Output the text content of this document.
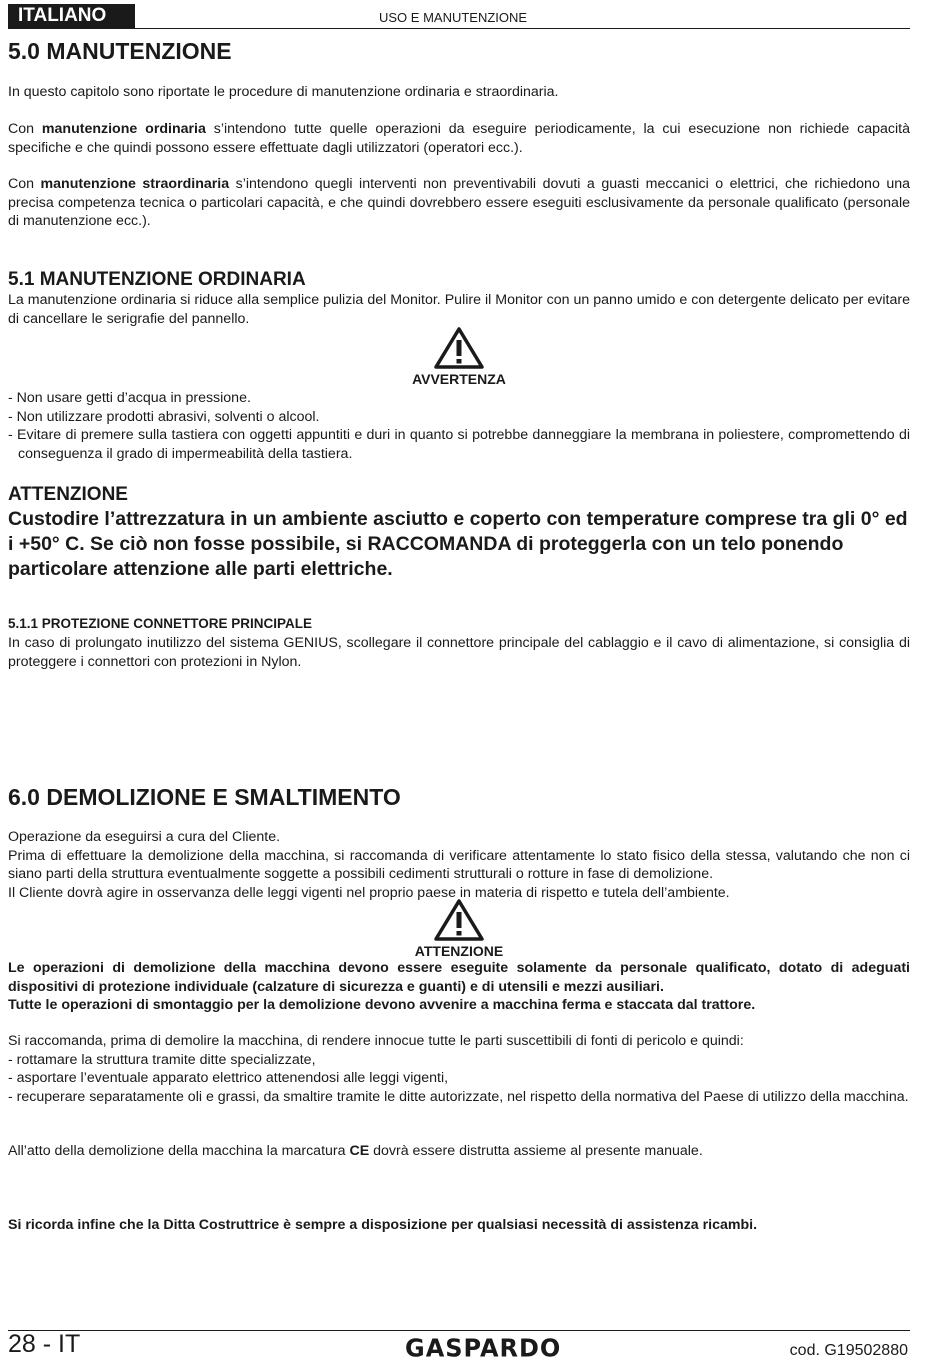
ITALIANO	USO E MANUTENZIONE
5.0 MANUTENZIONE

In questo capitolo sono riportate le procedure di manutenzione ordinaria e straordinaria.

Con manutenzione ordinaria s’intendono tutte quelle operazioni da eseguire periodicamente, la cui esecuzione non richiede capacità specifiche e che quindi possono essere effettuate dagli utilizzatori (operatori ecc.).

Con manutenzione straordinaria s’intendono quegli interventi non preventivabili dovuti a guasti meccanici o elettrici, che richiedono una precisa competenza tecnica o particolari capacità, e che quindi dovrebbero essere eseguiti esclusivamente da personale qualificato (personale di manutenzione ecc.).

5.1 MANUTENZIONE ORDINARIA

La manutenzione ordinaria si riduce alla semplice pulizia del Monitor. Pulire il Monitor con un panno umido e con detergente delicato per evitare di cancellare le serigrafie del pannello.

AVVERTENZA
- Non usare getti d’acqua in pressione.
- Non utilizzare prodotti abrasivi, solventi o alcool.
- Evitare di premere sulla tastiera con oggetti appuntiti e duri in quanto si potrebbe danneggiare la membrana in poliestere, compromettendo di conseguenza il grado di impermeabilità della tastiera.
ATTENZIONE
Custodire l’attrezzatura in un ambiente asciutto e coperto con temperature comprese tra gli 0° ed i +50° C. Se ciò non fosse possibile, si RACCOMANDA di proteggerla con un telo ponendo particolare attenzione alle parti elettriche.
5.1.1 PROTEZIONE CONNETTORE PRINCIPALE

In caso di prolungato inutilizzo del sistema GENIUS, scollegare il connettore principale del cablaggio e il cavo di alimentazione, si consiglia di proteggere i connettori con protezioni in Nylon.

6.0 DEMOLIZIONE E SMALTIMENTO

Operazione da eseguirsi a cura del Cliente.

Prima di effettuare la demolizione della macchina, si raccomanda di verificare attentamente lo stato fisico della stessa, valutando che non ci siano parti della struttura eventualmente soggette a possibili cedimenti strutturali o rotture in fase di demolizione.

Il Cliente dovrà agire in osservanza delle leggi vigenti nel proprio paese in materia di rispetto e tutela dell’ambiente.

ATTENZIONE

Le operazioni di demolizione della macchina devono essere eseguite solamente da personale qualificato, dotato di adeguati dispositivi di protezione individuale (calzature di sicurezza e guanti) e di utensili e mezzi ausiliari.

Tutte le operazioni di smontaggio per la demolizione devono avvenire a macchina ferma e staccata dal trattore.

Si raccomanda, prima di demolire la macchina, di rendere innocue tutte le parti suscettibili di fonti di pericolo e quindi:

- rottamare la struttura tramite ditte specializzate,
- asportare l’eventuale apparato elettrico attenendosi alle leggi vigenti,
- recuperare separatamente oli e grassi, da smaltire tramite le ditte autorizzate, nel rispetto della normativa del Paese di utilizzo della macchina.

All’atto della demolizione della macchina la marcatura CE dovrà essere distrutta assieme al presente manuale.

Si ricorda infine che la Ditta Costruttrice è sempre a disposizione per qualsiasi necessità di assistenza ricambi.

28 - IT	GASPARDO	cod. G19502880
